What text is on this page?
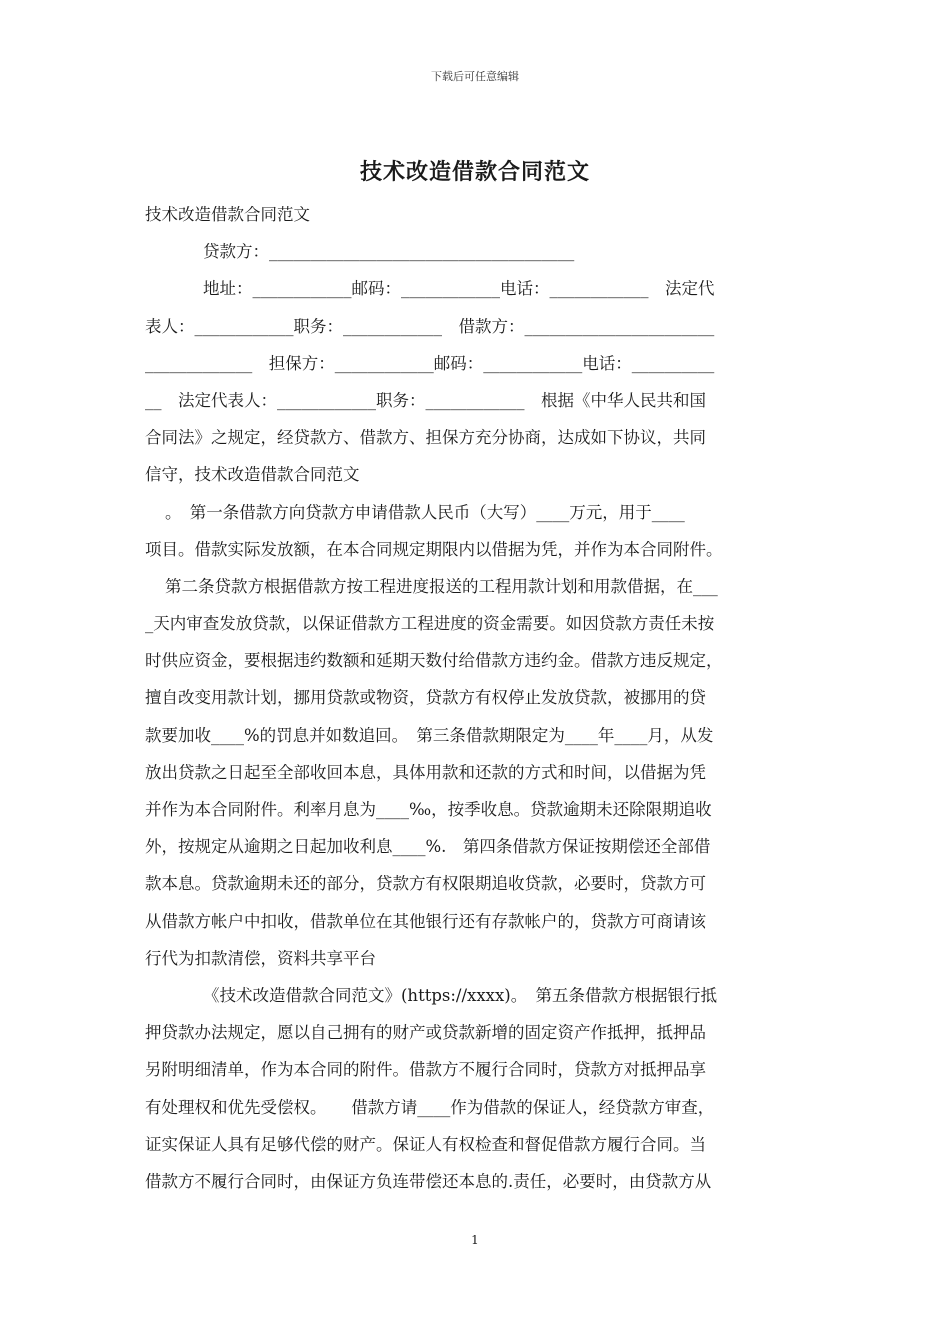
下载后可任意编辑
技术改造借款合同范文
技术改造借款合同范文
贷款方：_____________________________________
地址：____________邮码：____________电话：____________　法定代
表人：____________职务：____________　借款方：_______________________
_____________　担保方：____________邮码：____________电话：__________
__　法定代表人：____________职务：____________　根据《中华人民共和国
合同法》之规定，经贷款方、借款方、担保方充分协商，达成如下协议，共同
信守，技术改造借款合同范文
。　第一条借款方向贷款方申请借款人民币（大写）____万元，用于____
项目。借款实际发放额，在本合同规定期限内以借据为凭，并作为本合同附件。
第二条贷款方根据借款方按工程进度报送的工程用款计划和用款借据，在___
_天内审查发放贷款，以保证借款方工程进度的资金需要。如因贷款方责任未按
时供应资金，要根据违约数额和延期天数付给借款方违约金。借款方违反规定，
擅自改变用款计划，挪用贷款或物资，贷款方有权停止发放贷款，被挪用的贷
款要加收____%的罚息并如数追回。　第三条借款期限定为____年____月，从发
放出贷款之日起至全部收回本息，具体用款和还款的方式和时间，以借据为凭
并作为本合同附件。利率月息为____‰，按季收息。贷款逾期未还除限期追收
外，按规定从逾期之日起加收利息____%.　第四条借款方保证按期偿还全部借
款本息。贷款逾期未还的部分，贷款方有权限期追收贷款，必要时，贷款方可
从借款方帐户中扣收，借款单位在其他银行还有存款帐户的，贷款方可商请该
行代为扣款清偿，资料共享平台
《技术改造借款合同范文》(https://xxxx)。　第五条借款方根据银行抵
押贷款办法规定，愿以自己拥有的财产或贷款新增的固定资产作抵押，抵押品
另附明细清单，作为本合同的附件。借款方不履行合同时，贷款方对抵押品享
有处理权和优先受偿权。　　借款方请____作为借款的保证人，经贷款方审查，
证实保证人具有足够代偿的财产。保证人有权检查和督促借款方履行合同。当
借款方不履行合同时，由保证方负连带偿还本息的.责任，必要时，由贷款方从
1
